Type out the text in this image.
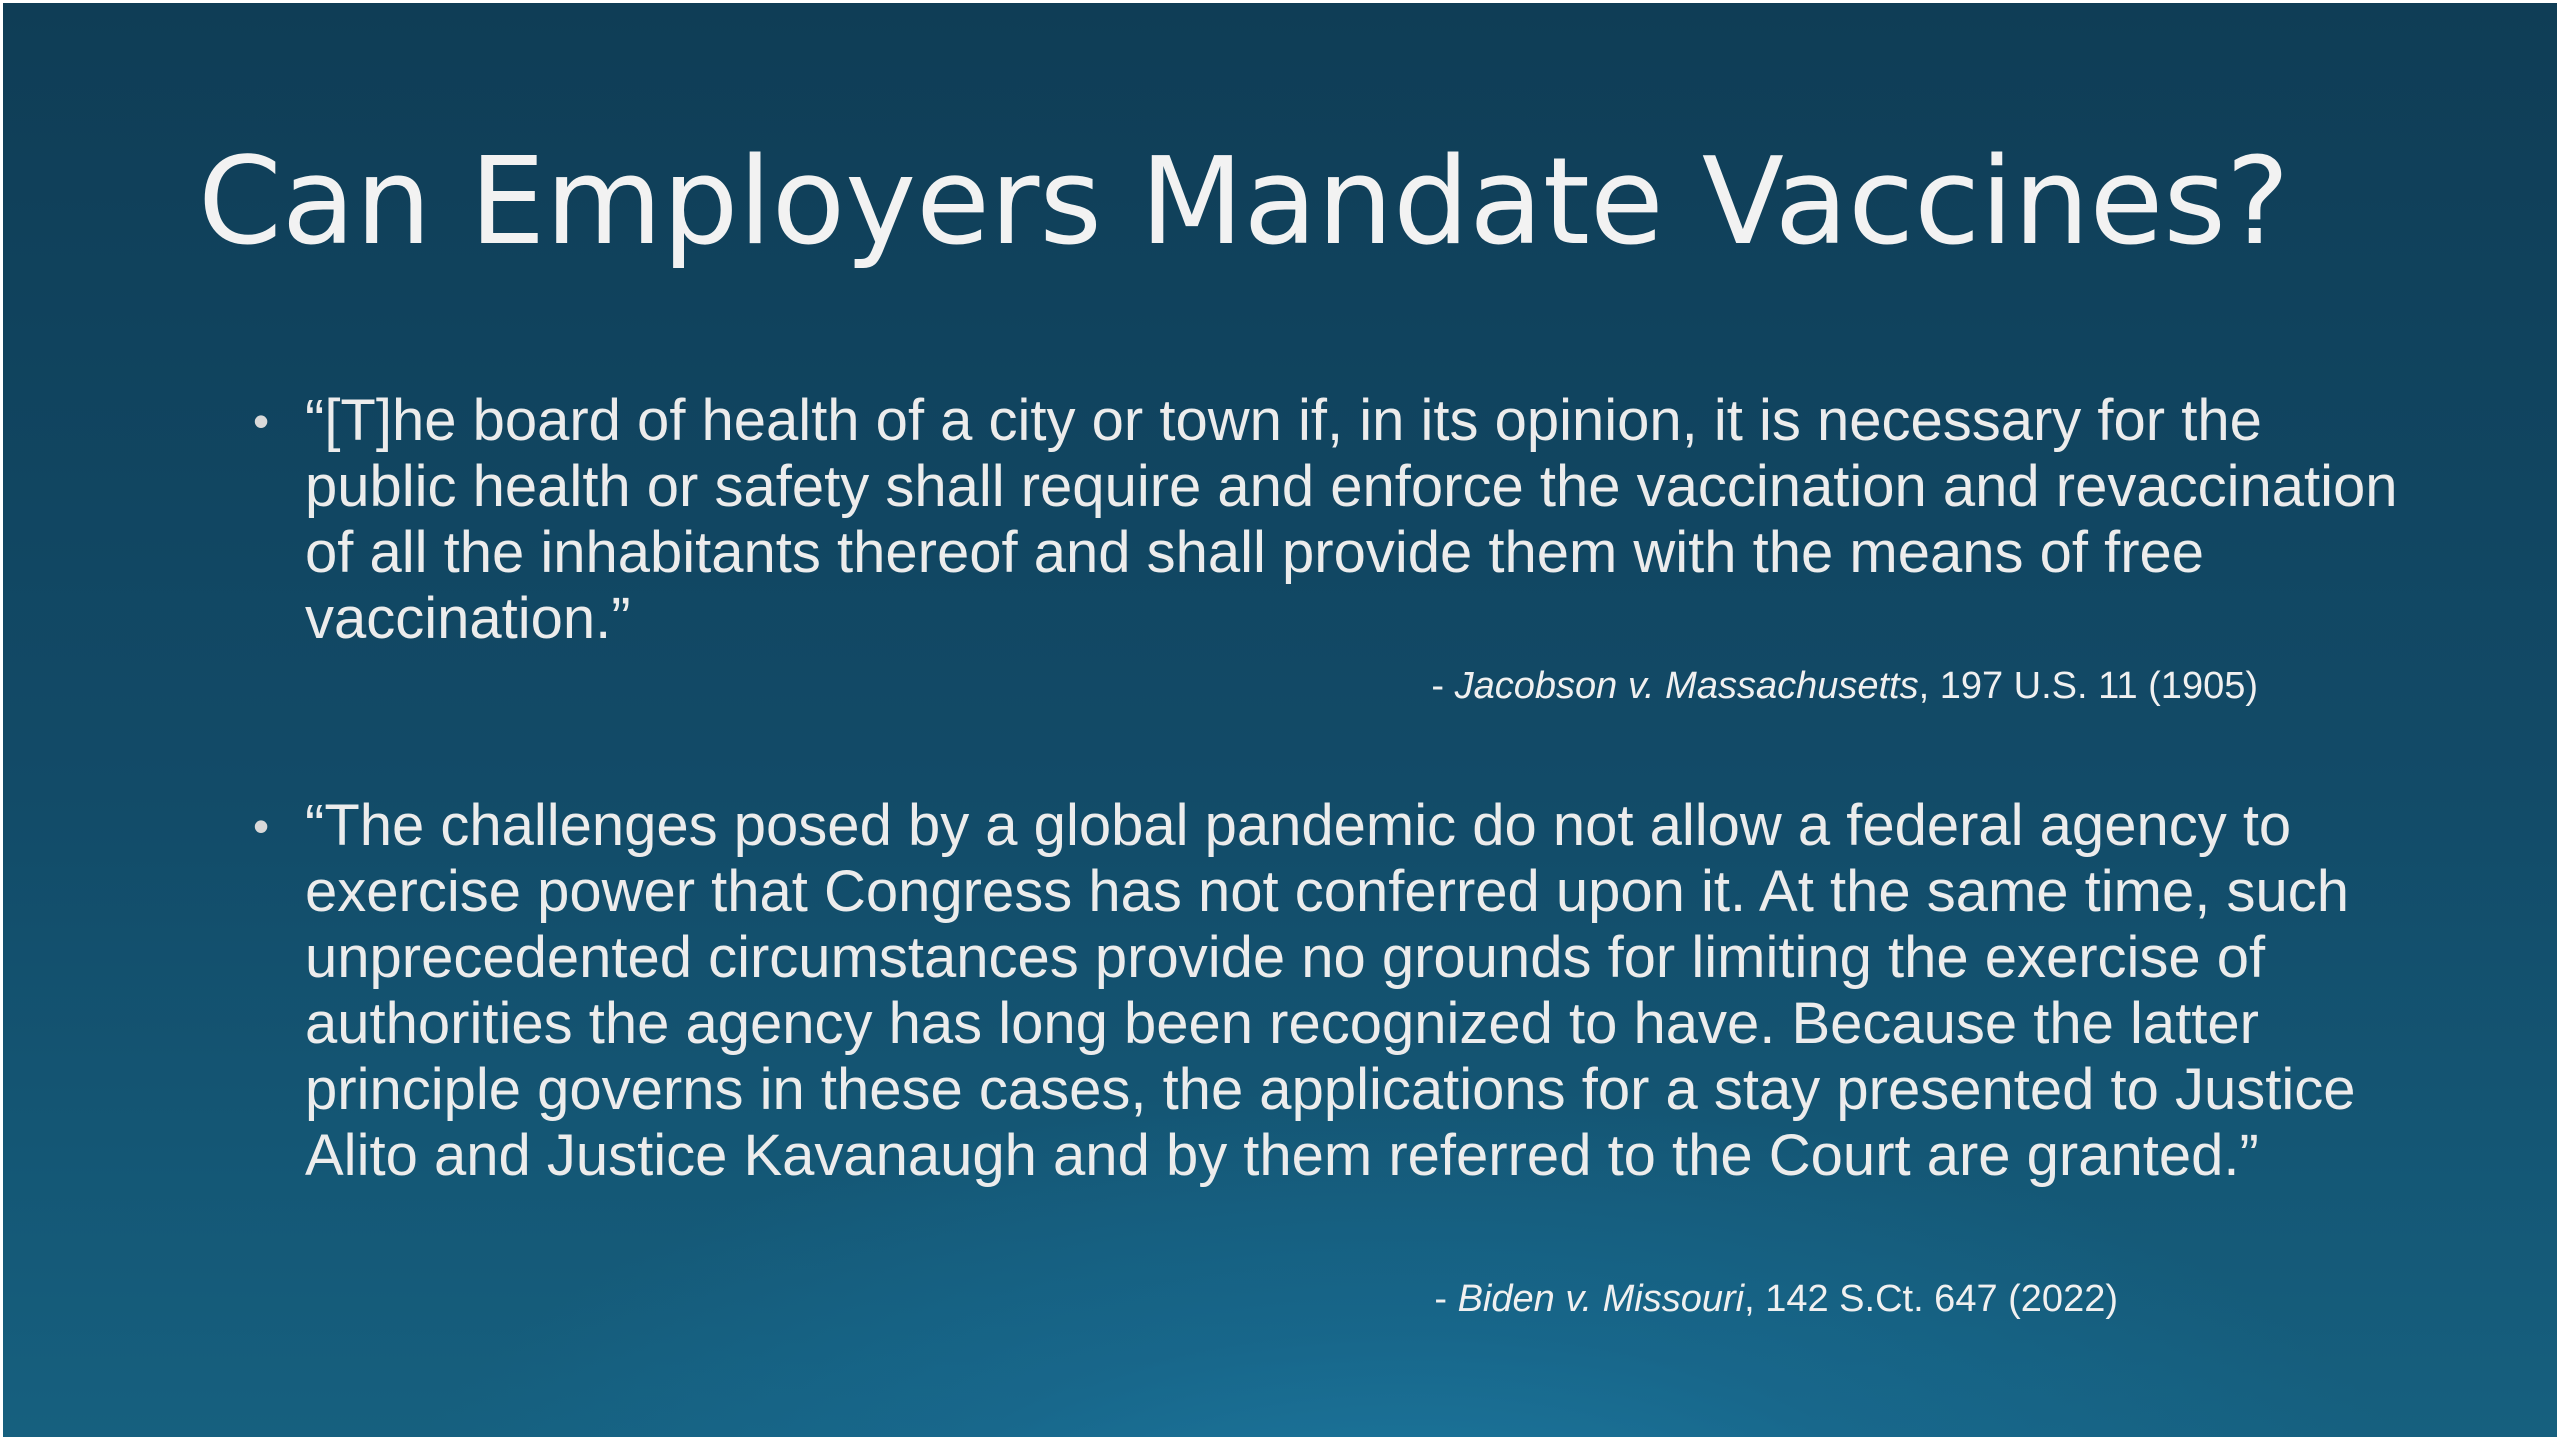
Can Employers Mandate Vaccines?
• “[T]he board of health of a city or town if, in its opinion, it is necessary for the public health or safety shall require and enforce the vaccination and revaccination of all the inhabitants thereof and shall provide them with the means of free vaccination.”
- Jacobson v. Massachusetts, 197 U.S. 11 (1905)
• “The challenges posed by a global pandemic do not allow a federal agency to exercise power that Congress has not conferred upon it. At the same time, such unprecedented circumstances provide no grounds for limiting the exercise of authorities the agency has long been recognized to have. Because the latter principle governs in these cases, the applications for a stay presented to Justice Alito and Justice Kavanaugh and by them referred to the Court are granted.”
- Biden v. Missouri, 142 S.Ct. 647 (2022)
